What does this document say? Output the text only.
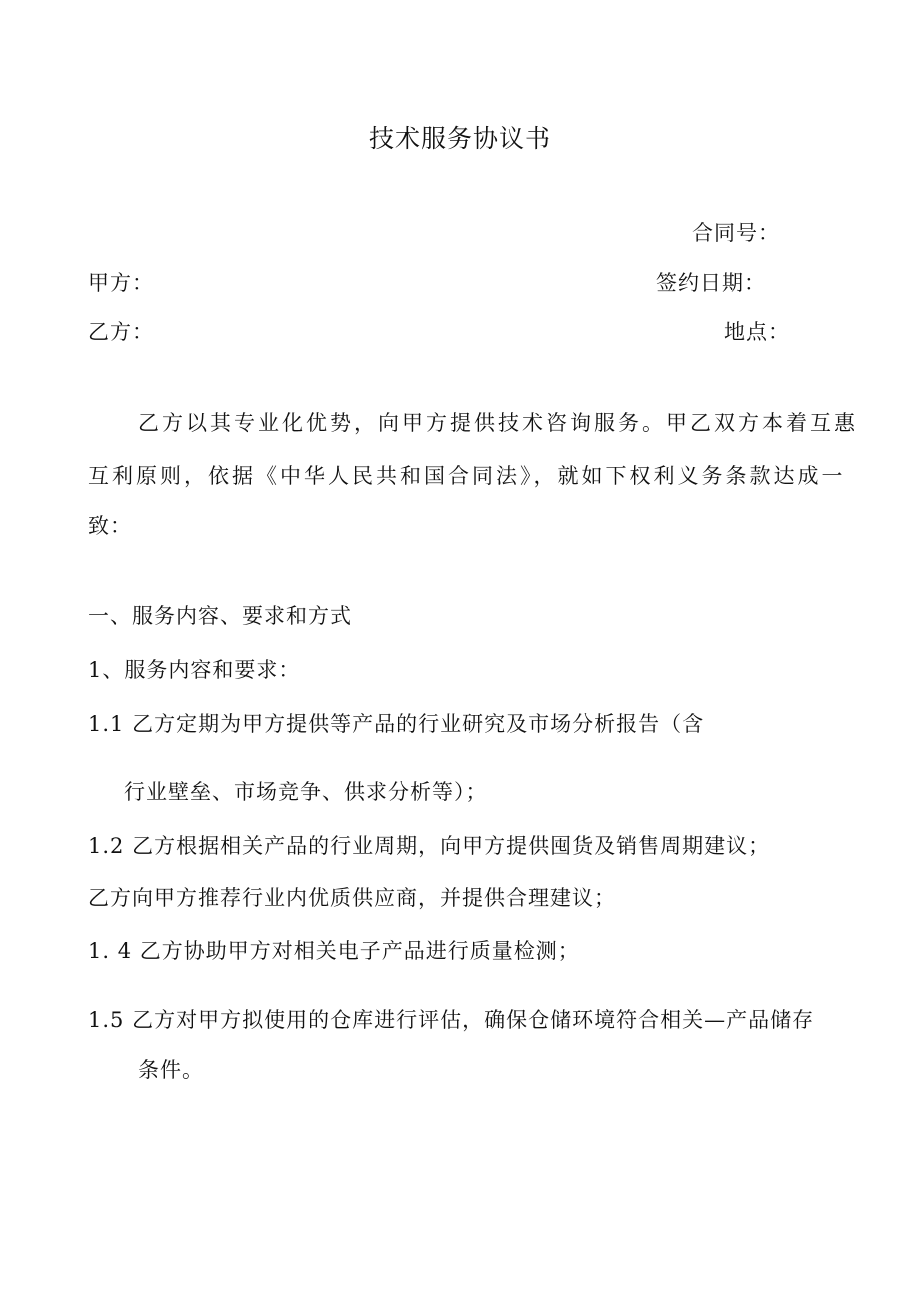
技术服务协议书
合同号：
甲方：	签约日期：
乙方：	地点：
乙方以其专业化优势，向甲方提供技术咨询服务。甲乙双方本着互惠
互利原则，依据《中华人民共和国合同法》，就如下权利义务条款达成一
致：
一、服务内容、要求和方式
1、服务内容和要求：
1.1 乙方定期为甲方提供等产品的行业研究及市场分析报告（含
行业壁垒、市场竞争、供求分析等）；
1.2 乙方根据相关产品的行业周期，向甲方提供囤货及销售周期建议；
乙方向甲方推荐行业内优质供应商，并提供合理建议；
1. 4 乙方协助甲方对相关电子产品进行质量检测；
1.5 乙方对甲方拟使用的仓库进行评估，确保仓储环境符合相关—产品储存
条件。
